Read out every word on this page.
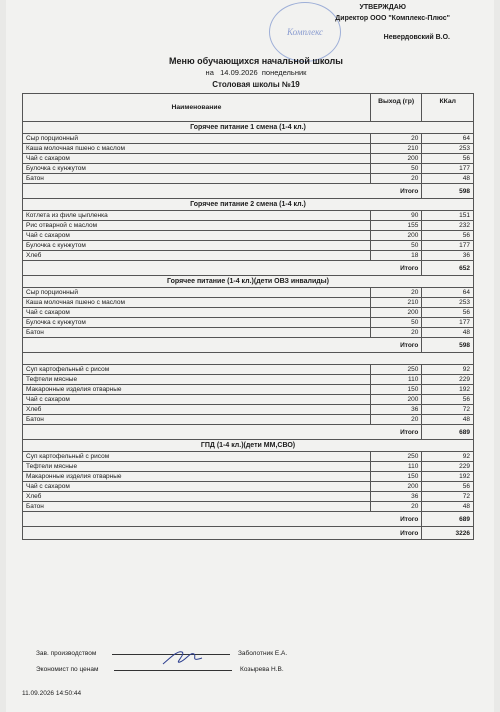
Комплекс
УТВЕРЖДАЮ
Директор ООО "Комплекс-Плюс"
Невердовский В.О.
Меню обучающихся начальной школы
на 14.09.2026 понедельник
Столовая школы №19
Наименование	Выход (гр)	ККал
Горячее питание 1 смена (1-4 кл.)		
Сыр порционный	20	64
Каша молочная пшено с маслом	210	253
Чай с сахаром	200	56
Булочка с кунжутом	50	177
Батон	20	48
Итого		598
Горячее питание 2 смена (1-4 кл.)		
Котлета из филе цыпленка	90	151
Рис отварной с маслом	155	232
Чай с сахаром	200	56
Булочка с кунжутом	50	177
Хлеб	18	36
Итого		652
Горячее питание (1-4 кл.)(дети ОВЗ инвалиды)		
Сыр порционный	20	64
Каша молочная пшено с маслом	210	253
Чай с сахаром	200	56
Булочка с кунжутом	50	177
Батон	20	48
Итого		598

Суп картофельный с рисом	250	92
Тефтели мясные	110	229
Макаронные изделия отварные	150	192
Чай с сахаром	200	56
Хлеб	36	72
Батон	20	48
Итого		689
ГПД (1-4 кл.)(дети ММ,СВО)		
Суп картофельный с рисом	250	92
Тефтели мясные	110	229
Макаронные изделия отварные	150	192
Чай с сахаром	200	56
Хлеб	36	72
Батон	20	48
Итого		689
Итого		3226
Зав. производством	Заболотник Е.А.
Экономист по ценам	Козырева Н.В.
11.09.2026 14:50:44
